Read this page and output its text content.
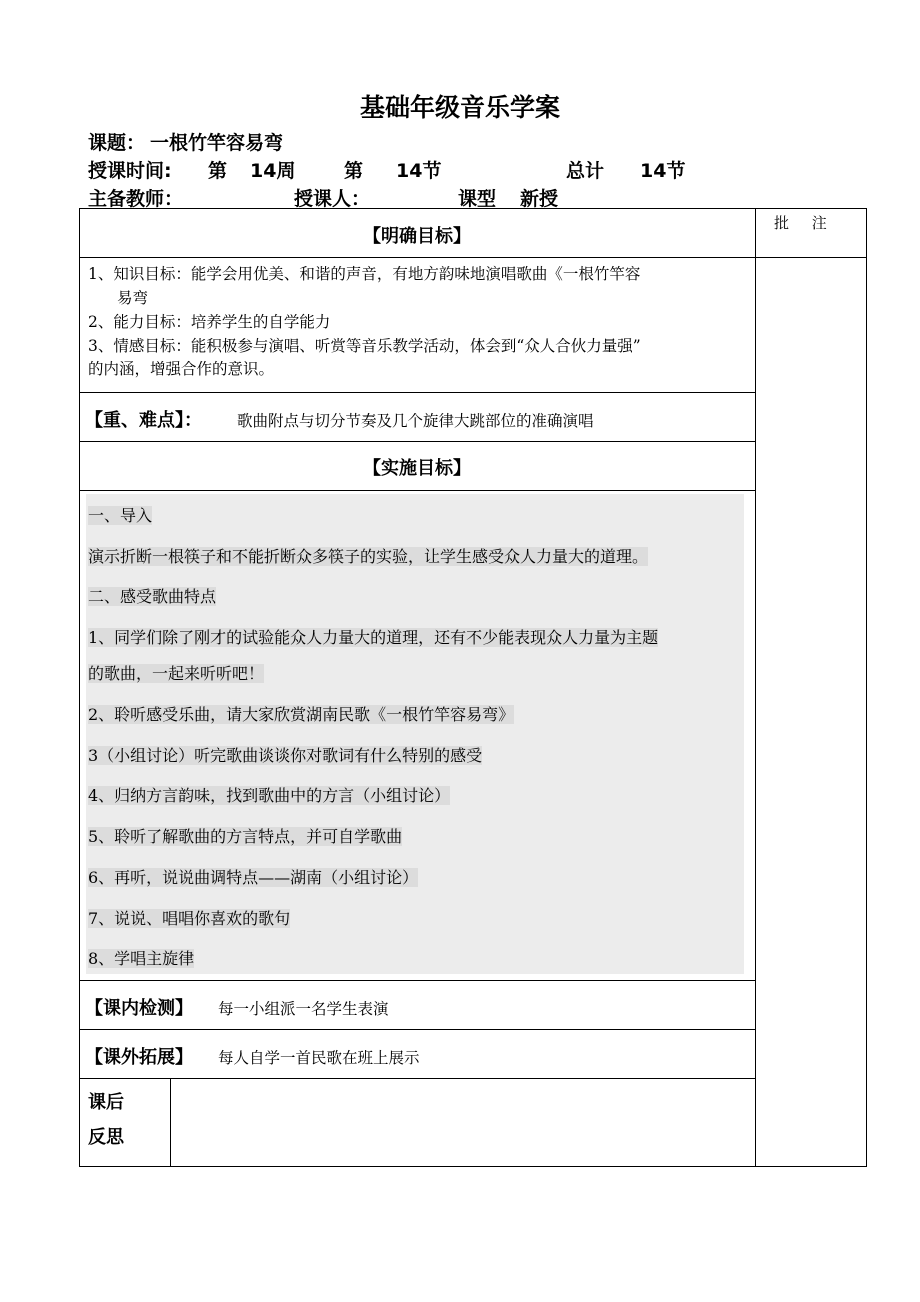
基础年级音乐学案
课题： 一根竹竿容易弯
授课时间: 第 14周	第 14节	总计 14节
主备教师：	授课人：	课型 新授
批 注
【明确目标】
1、知识目标：能学会用优美、和谐的声音，有地方韵味地演唱歌曲《一根竹竿容
易弯
2、能力目标：培养学生的自学能力
3、情感目标：能积极参与演唱、听赏等音乐教学活动，体会到“众人合伙力量强”
的内涵，增强合作的意识。
【重、难点】： 歌曲附点与切分节奏及几个旋律大跳部位的准确演唱
【实施目标】
一、导入
演示折断一根筷子和不能折断众多筷子的实验，让学生感受众人力量大的道理。
二、感受歌曲特点
1、同学们除了刚才的试验能众人力量大的道理，还有不少能表现众人力量为主题
的歌曲，一起来听听吧！
2、聆听感受乐曲，请大家欣赏湖南民歌《一根竹竿容易弯》
3（小组讨论）听完歌曲谈谈你对歌词有什么特别的感受
4、归纳方言韵味，找到歌曲中的方言（小组讨论）
5、聆听了解歌曲的方言特点，并可自学歌曲
6、再听，说说曲调特点——湖南（小组讨论）
7、说说、唱唱你喜欢的歌句
8、学唱主旋律
【课内检测】 每一小组派一名学生表演
【课外拓展】 每人自学一首民歌在班上展示
课后
反思
